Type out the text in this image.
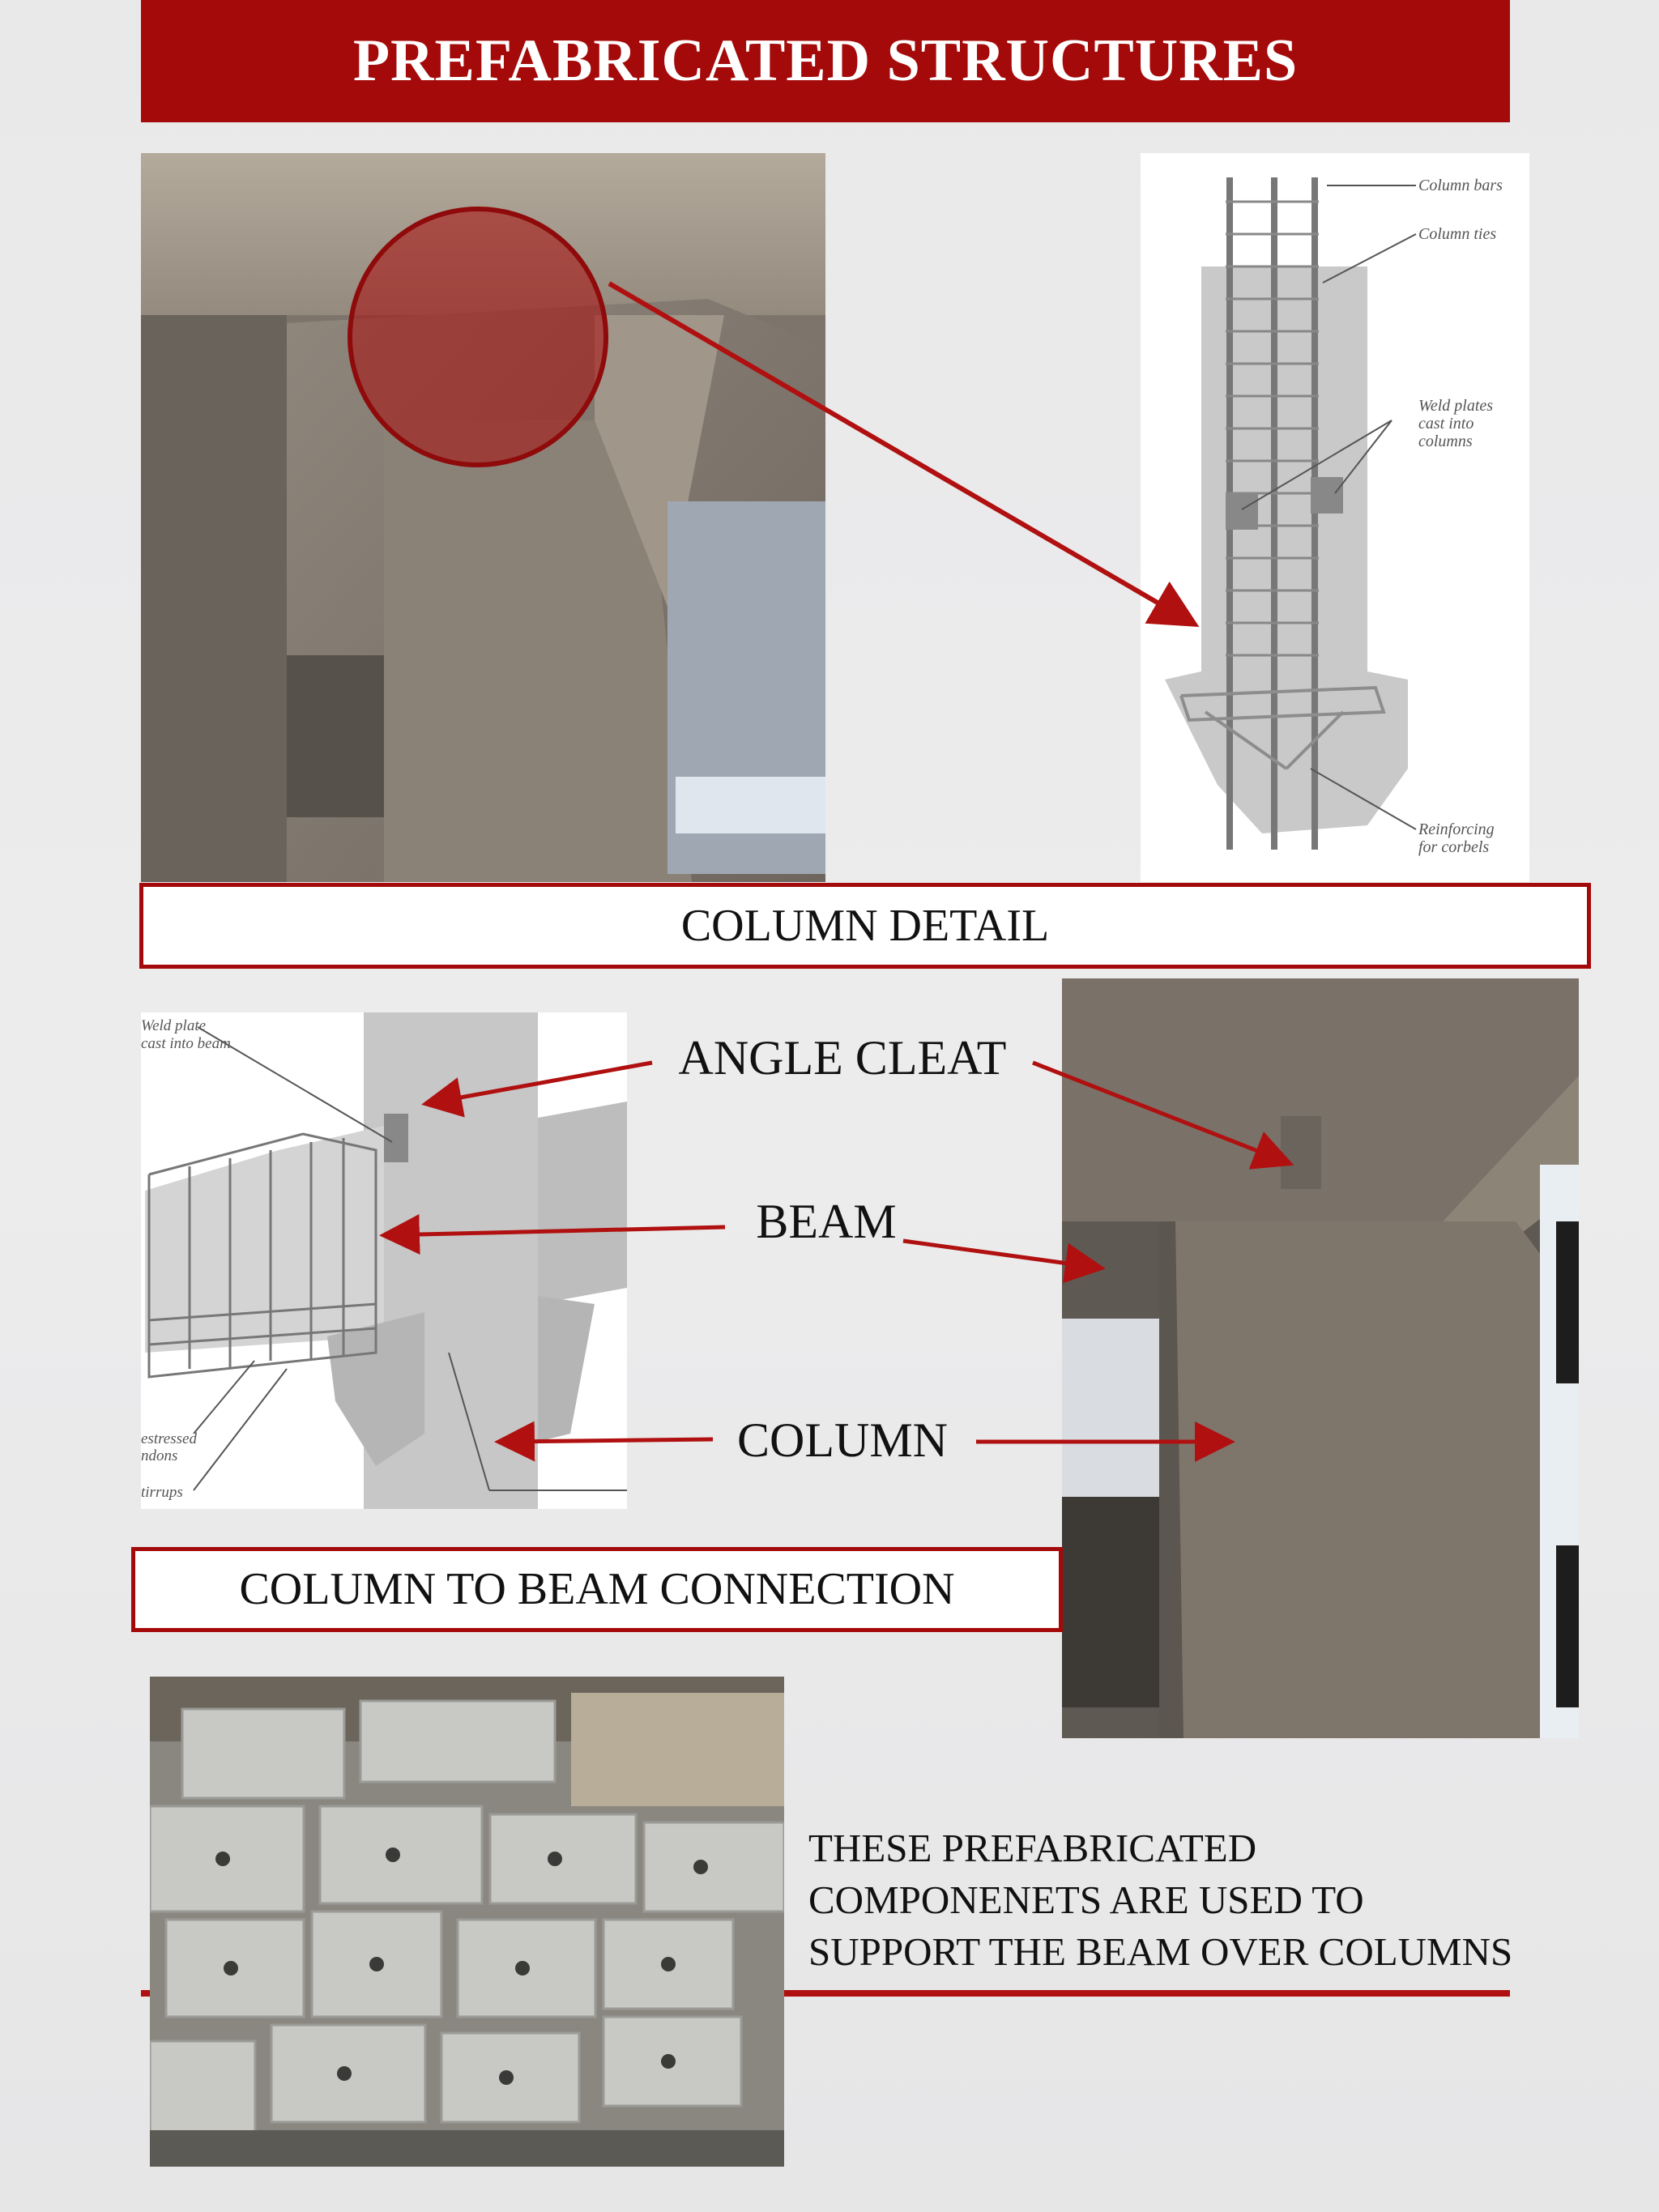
PREFABRICATED STRUCTURES
Column bars
Column ties
Weld plates
cast into
columns
Reinforcing
for corbels
COLUMN DETAIL
Weld plate
cast into beam
estressed
ndons
tirrups
ANGLE CLEAT
BEAM
COLUMN
COLUMN TO BEAM CONNECTION
THESE PREFABRICATED
COMPONENETS ARE USED TO
SUPPORT THE BEAM OVER COLUMNS
